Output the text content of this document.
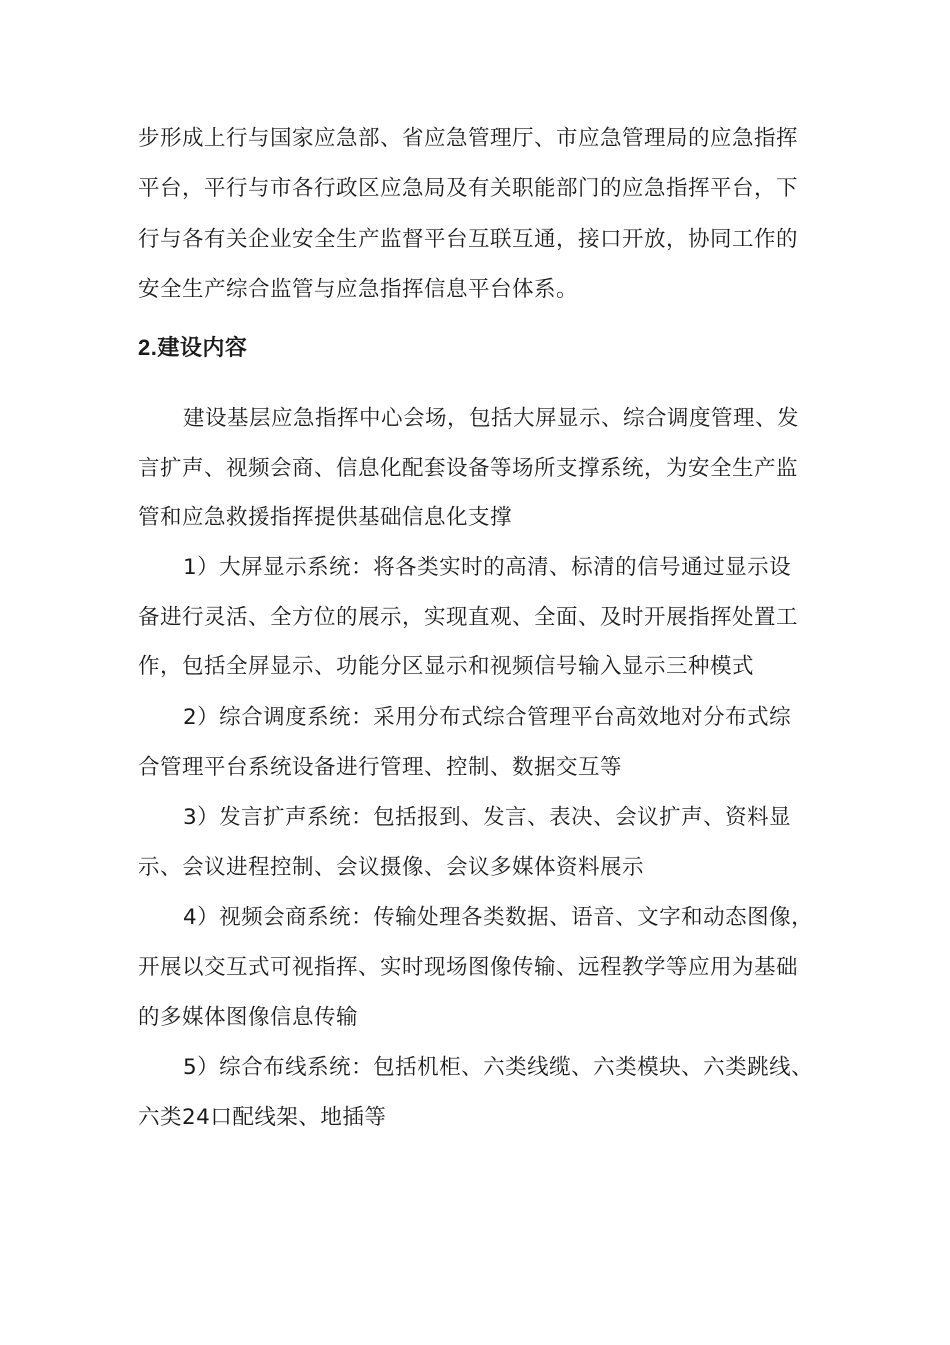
步形成上行与国家应急部、省应急管理厅、市应急管理局的应急指挥
平台，平行与市各行政区应急局及有关职能部门的应急指挥平台，下
行与各有关企业安全生产监督平台互联互通，接口开放，协同工作的
安全生产综合监管与应急指挥信息平台体系。
2.建设内容
建设基层应急指挥中心会场，包括大屏显示、综合调度管理、发
言扩声、视频会商、信息化配套设备等场所支撑系统，为安全生产监
管和应急救援指挥提供基础信息化支撑
1）大屏显示系统：将各类实时的高清、标清的信号通过显示设
备进行灵活、全方位的展示，实现直观、全面、及时开展指挥处置工
作，包括全屏显示、功能分区显示和视频信号输入显示三种模式
2）综合调度系统：采用分布式综合管理平台高效地对分布式综
合管理平台系统设备进行管理、控制、数据交互等
3）发言扩声系统：包括报到、发言、表决、会议扩声、资料显
示、会议进程控制、会议摄像、会议多媒体资料展示
4）视频会商系统：传输处理各类数据、语音、文字和动态图像，
开展以交互式可视指挥、实时现场图像传输、远程教学等应用为基础
的多媒体图像信息传输
5）综合布线系统：包括机柜、六类线缆、六类模块、六类跳线、
六类24口配线架、地插等
